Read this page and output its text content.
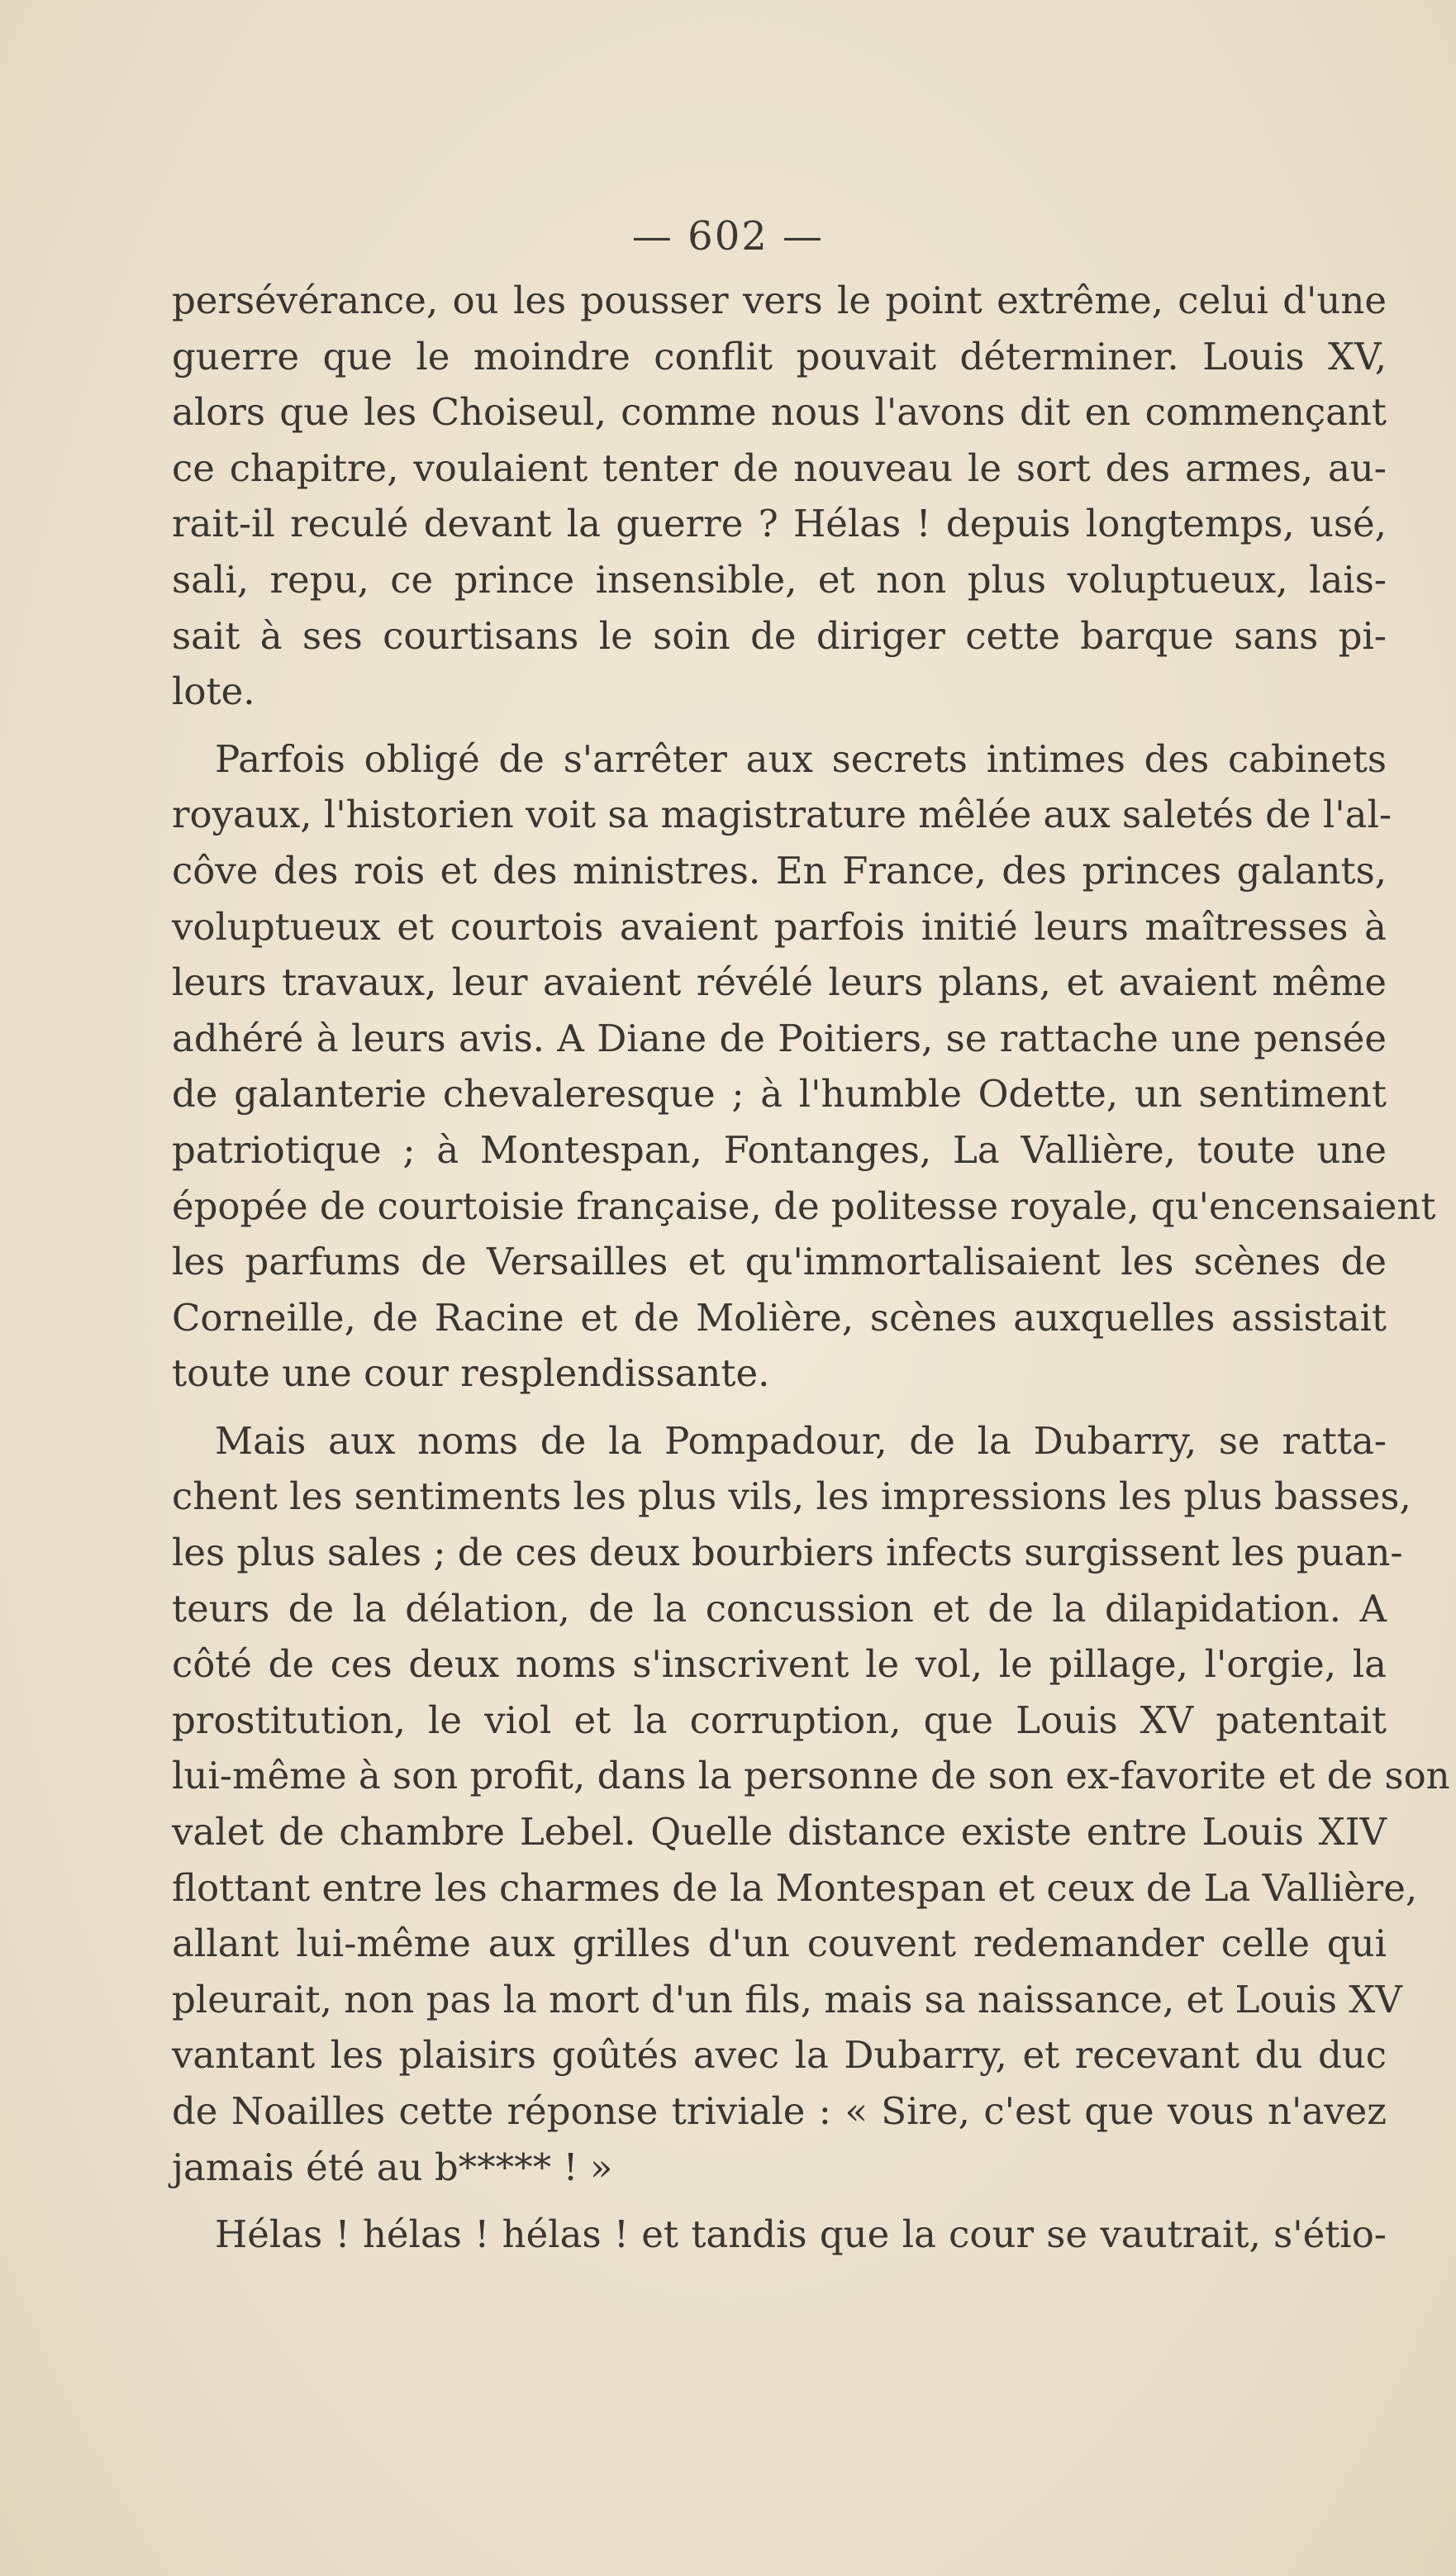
— 602 —
persévérance, ou les pousser vers le point extrême, celui d'une
guerre que le moindre conflit pouvait déterminer. Louis XV,
alors que les Choiseul, comme nous l'avons dit en commençant
ce chapitre, voulaient tenter de nouveau le sort des armes, au-
rait-il reculé devant la guerre ? Hélas ! depuis longtemps, usé,
sali, repu, ce prince insensible, et non plus voluptueux, lais-
sait à ses courtisans le soin de diriger cette barque sans pi-
lote.
Parfois obligé de s'arrêter aux secrets intimes des cabinets
royaux, l'historien voit sa magistrature mêlée aux saletés de l'al-
côve des rois et des ministres. En France, des princes galants,
voluptueux et courtois avaient parfois initié leurs maîtresses à
leurs travaux, leur avaient révélé leurs plans, et avaient même
adhéré à leurs avis. A Diane de Poitiers, se rattache une pensée
de galanterie chevaleresque ; à l'humble Odette, un sentiment
patriotique ; à Montespan, Fontanges, La Vallière, toute une
épopée de courtoisie française, de politesse royale, qu'encensaient
les parfums de Versailles et qu'immortalisaient les scènes de
Corneille, de Racine et de Molière, scènes auxquelles assistait
toute une cour resplendissante.
Mais aux noms de la Pompadour, de la Dubarry, se ratta-
chent les sentiments les plus vils, les impressions les plus basses,
les plus sales ; de ces deux bourbiers infects surgissent les puan-
teurs de la délation, de la concussion et de la dilapidation. A
côté de ces deux noms s'inscrivent le vol, le pillage, l'orgie, la
prostitution, le viol et la corruption, que Louis XV patentait
lui-même à son profit, dans la personne de son ex-favorite et de son
valet de chambre Lebel. Quelle distance existe entre Louis XIV
flottant entre les charmes de la Montespan et ceux de La Vallière,
allant lui-même aux grilles d'un couvent redemander celle qui
pleurait, non pas la mort d'un fils, mais sa naissance, et Louis XV
vantant les plaisirs goûtés avec la Dubarry, et recevant du duc
de Noailles cette réponse triviale : « Sire, c'est que vous n'avez
jamais été au b***** ! »
Hélas ! hélas ! hélas ! et tandis que la cour se vautrait, s'étio-
